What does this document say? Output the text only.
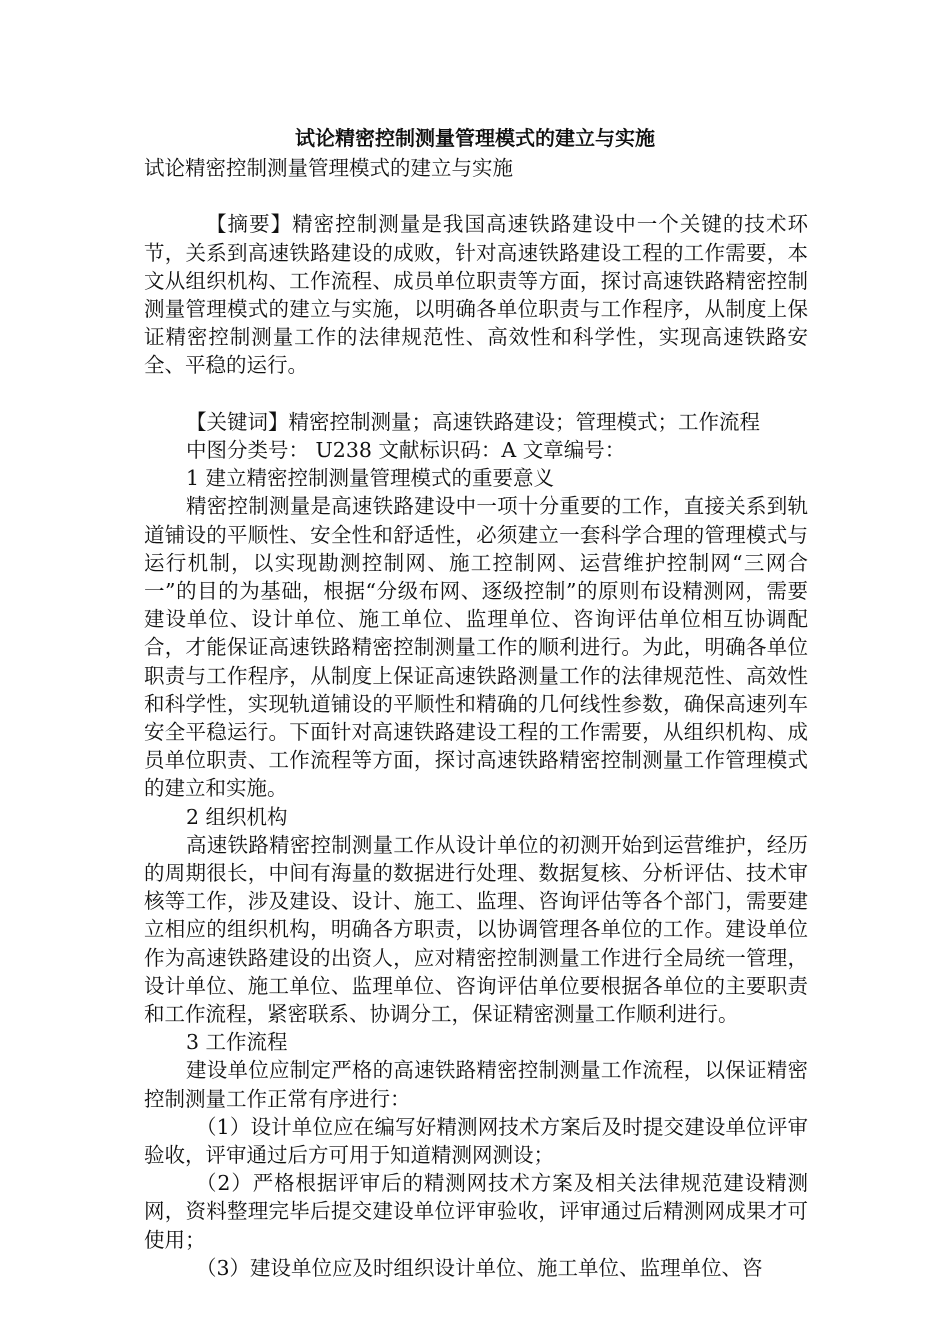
试论精密控制测量管理模式的建立与实施

试论精密控制测量管理模式的建立与实施

【摘要】精密控制测量是我国高速铁路建设中一个关键的技术环节，关系到高速铁路建设的成败，针对高速铁路建设工程的工作需要，本文从组织机构、工作流程、成员单位职责等方面，探讨高速铁路精密控制测量管理模式的建立与实施，以明确各单位职责与工作程序，从制度上保证精密控制测量工作的法律规范性、高效性和科学性，实现高速铁路安全、平稳的运行。

【关键词】精密控制测量；高速铁路建设；管理模式；工作流程

中图分类号： U238 文献标识码：A 文章编号：

1 建立精密控制测量管理模式的重要意义

精密控制测量是高速铁路建设中一项十分重要的工作，直接关系到轨道铺设的平顺性、安全性和舒适性，必须建立一套科学合理的管理模式与运行机制，以实现勘测控制网、施工控制网、运营维护控制网“三网合一”的目的为基础，根据“分级布网、逐级控制”的原则布设精测网，需要建设单位、设计单位、施工单位、监理单位、咨询评估单位相互协调配合，才能保证高速铁路精密控制测量工作的顺利进行。为此，明确各单位职责与工作程序，从制度上保证高速铁路测量工作的法律规范性、高效性和科学性，实现轨道铺设的平顺性和精确的几何线性参数，确保高速列车安全平稳运行。下面针对高速铁路建设工程的工作需要，从组织机构、成员单位职责、工作流程等方面，探讨高速铁路精密控制测量工作管理模式的建立和实施。

2 组织机构

高速铁路精密控制测量工作从设计单位的初测开始到运营维护，经历的周期很长，中间有海量的数据进行处理、数据复核、分析评估、技术审核等工作，涉及建设、设计、施工、监理、咨询评估等各个部门，需要建立相应的组织机构，明确各方职责，以协调管理各单位的工作。建设单位作为高速铁路建设的出资人，应对精密控制测量工作进行全局统一管理，设计单位、施工单位、监理单位、咨询评估单位要根据各单位的主要职责和工作流程，紧密联系、协调分工，保证精密测量工作顺利进行。

3 工作流程

建设单位应制定严格的高速铁路精密控制测量工作流程，以保证精密控制测量工作正常有序进行：

（1）设计单位应在编写好精测网技术方案后及时提交建设单位评审验收，评审通过后方可用于知道精测网测设；

（2）严格根据评审后的精测网技术方案及相关法律规范建设精测网，资料整理完毕后提交建设单位评审验收，评审通过后精测网成果才可使用；

（3）建设单位应及时组织设计单位、施工单位、监理单位、咨
